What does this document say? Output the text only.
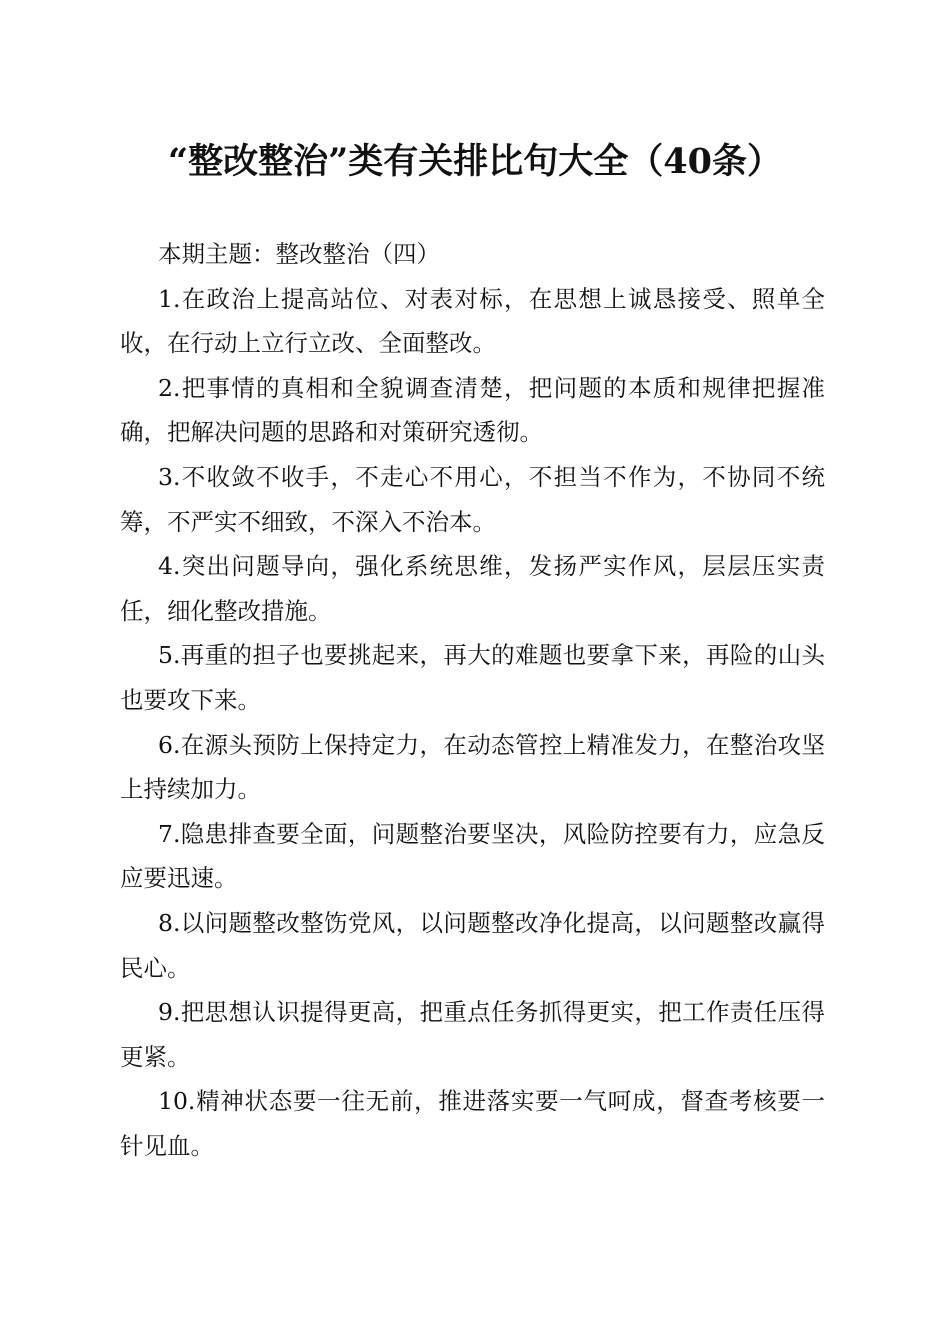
“整改整治”类有关排比句大全（40条）

本期主题：整改整治（四）

1.在政治上提高站位、对表对标，在思想上诚恳接受、照单全收，在行动上立行立改、全面整改。

2.把事情的真相和全貌调查清楚，把问题的本质和规律把握准确，把解决问题的思路和对策研究透彻。

3.不收敛不收手，不走心不用心，不担当不作为，不协同不统筹，不严实不细致，不深入不治本。

4.突出问题导向，强化系统思维，发扬严实作风，层层压实责任，细化整改措施。

5.再重的担子也要挑起来，再大的难题也要拿下来，再险的山头也要攻下来。

6.在源头预防上保持定力，在动态管控上精准发力，在整治攻坚上持续加力。

7.隐患排查要全面，问题整治要坚决，风险防控要有力，应急反应要迅速。

8.以问题整改整饬党风，以问题整改净化提高，以问题整改赢得民心。

9.把思想认识提得更高，把重点任务抓得更实，把工作责任压得更紧。

10.精神状态要一往无前，推进落实要一气呵成，督查考核要一针见血。
